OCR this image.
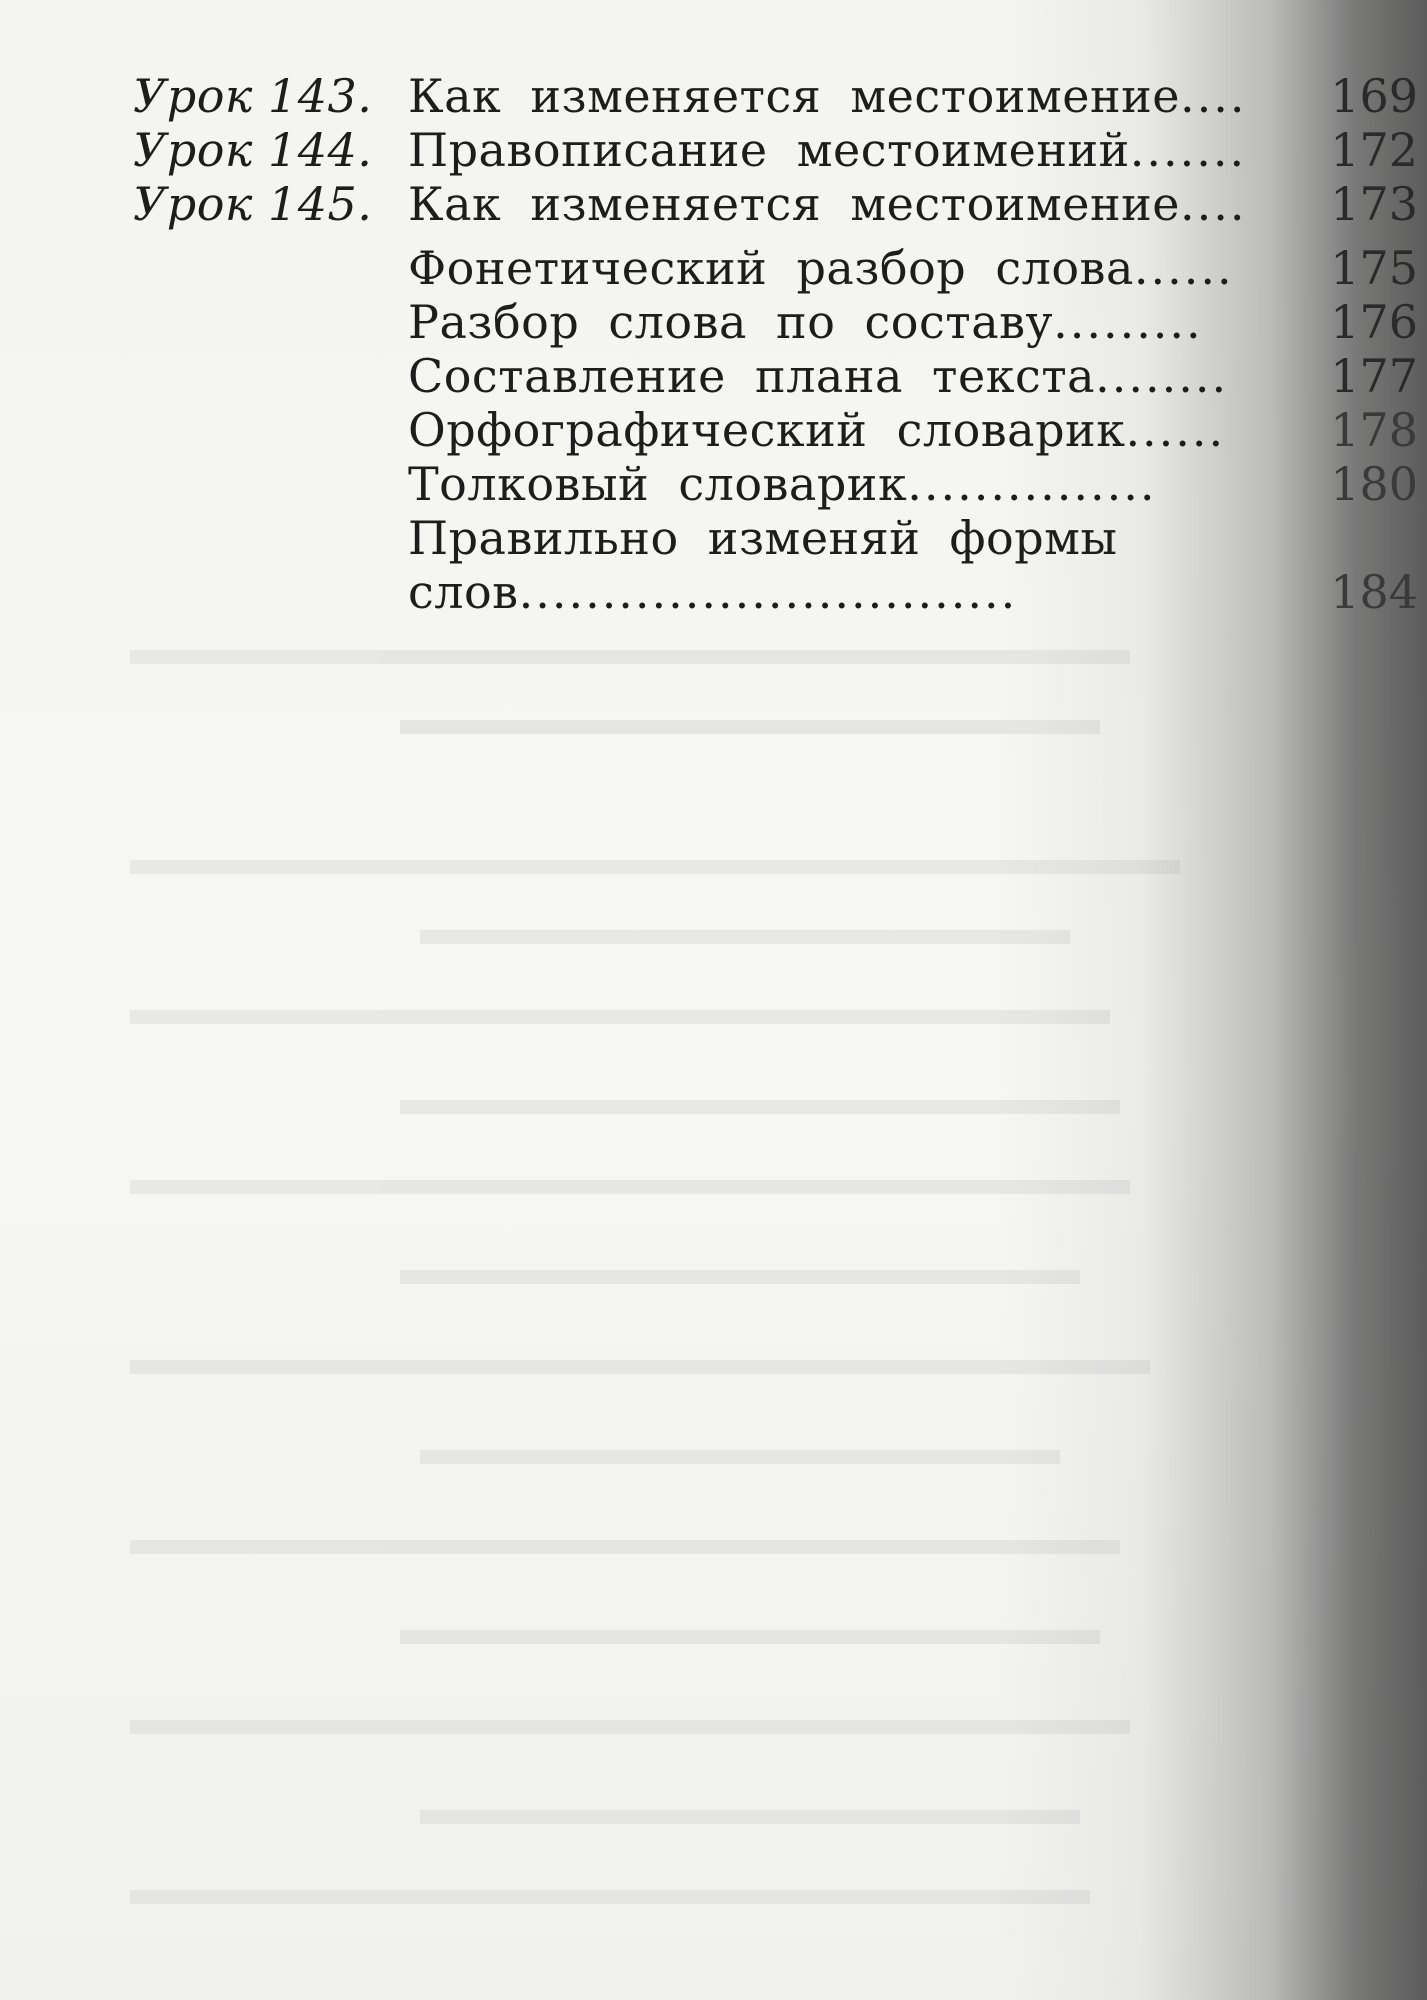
Урок 143. Как изменяется местоимение.... 169
Урок 144. Правописание местоимений....... 172
Урок 145. Как изменяется местоимение.... 173
Фонетический разбор слова...... 175
Разбор слова по составу.........	176
Составление плана текста........ 177
Орфографический словарик...... 178
Толковый словарик...............	180
Правильно изменяй формы
слов..............................	184
